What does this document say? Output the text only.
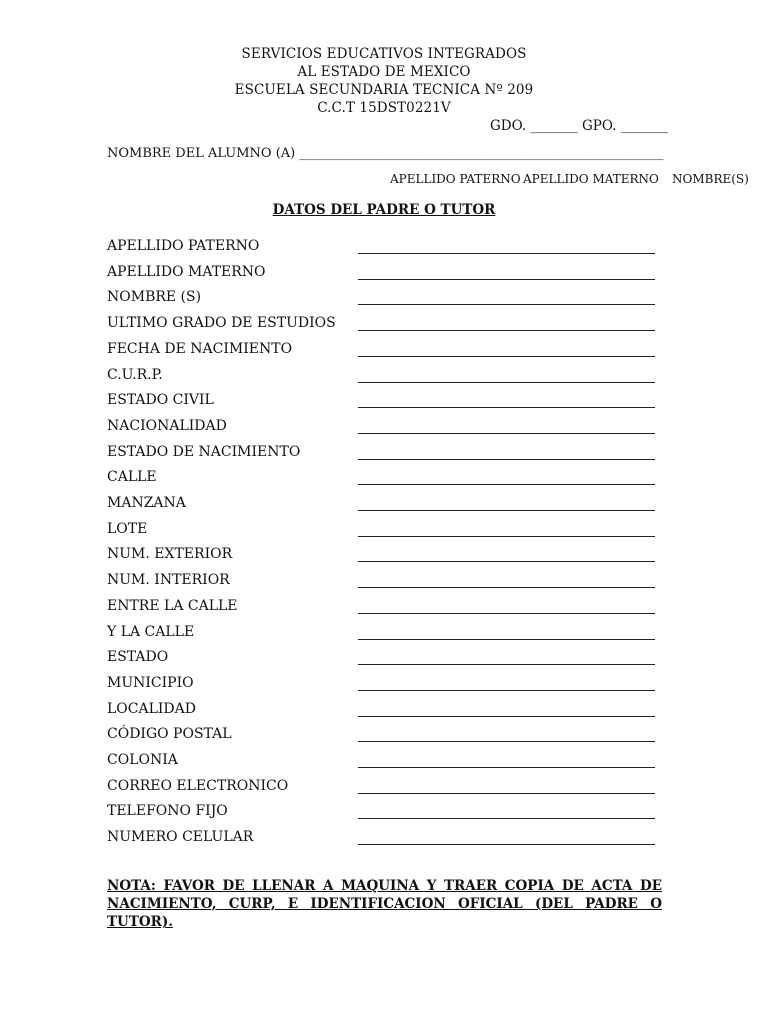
SERVICIOS EDUCATIVOS INTEGRADOS
AL ESTADO DE MEXICO
ESCUELA SECUNDARIA TECNICA Nº 209
C.C.T 15DST0221V
GDO. _______ GPO. _______
NOMBRE DEL ALUMNO (A) ________________________________________________________
APELLIDO PATERNO APELLIDO MATERNO NOMBRE(S)
DATOS DEL PADRE O TUTOR
APELLIDO PATERNO
APELLIDO MATERNO
NOMBRE (S)
ULTIMO GRADO DE ESTUDIOS
FECHA DE NACIMIENTO
C.U.R.P.
ESTADO CIVIL
NACIONALIDAD
ESTADO DE NACIMIENTO
CALLE
MANZANA
LOTE
NUM. EXTERIOR
NUM. INTERIOR
ENTRE LA CALLE
Y LA CALLE
ESTADO
MUNICIPIO
LOCALIDAD
CÓDIGO POSTAL
COLONIA
CORREO ELECTRONICO
TELEFONO FIJO
NUMERO CELULAR
NOTA: FAVOR DE LLENAR A MAQUINA Y TRAER COPIA DE ACTA DE NACIMIENTO, CURP, E IDENTIFICACION OFICIAL (DEL PADRE O TUTOR).
